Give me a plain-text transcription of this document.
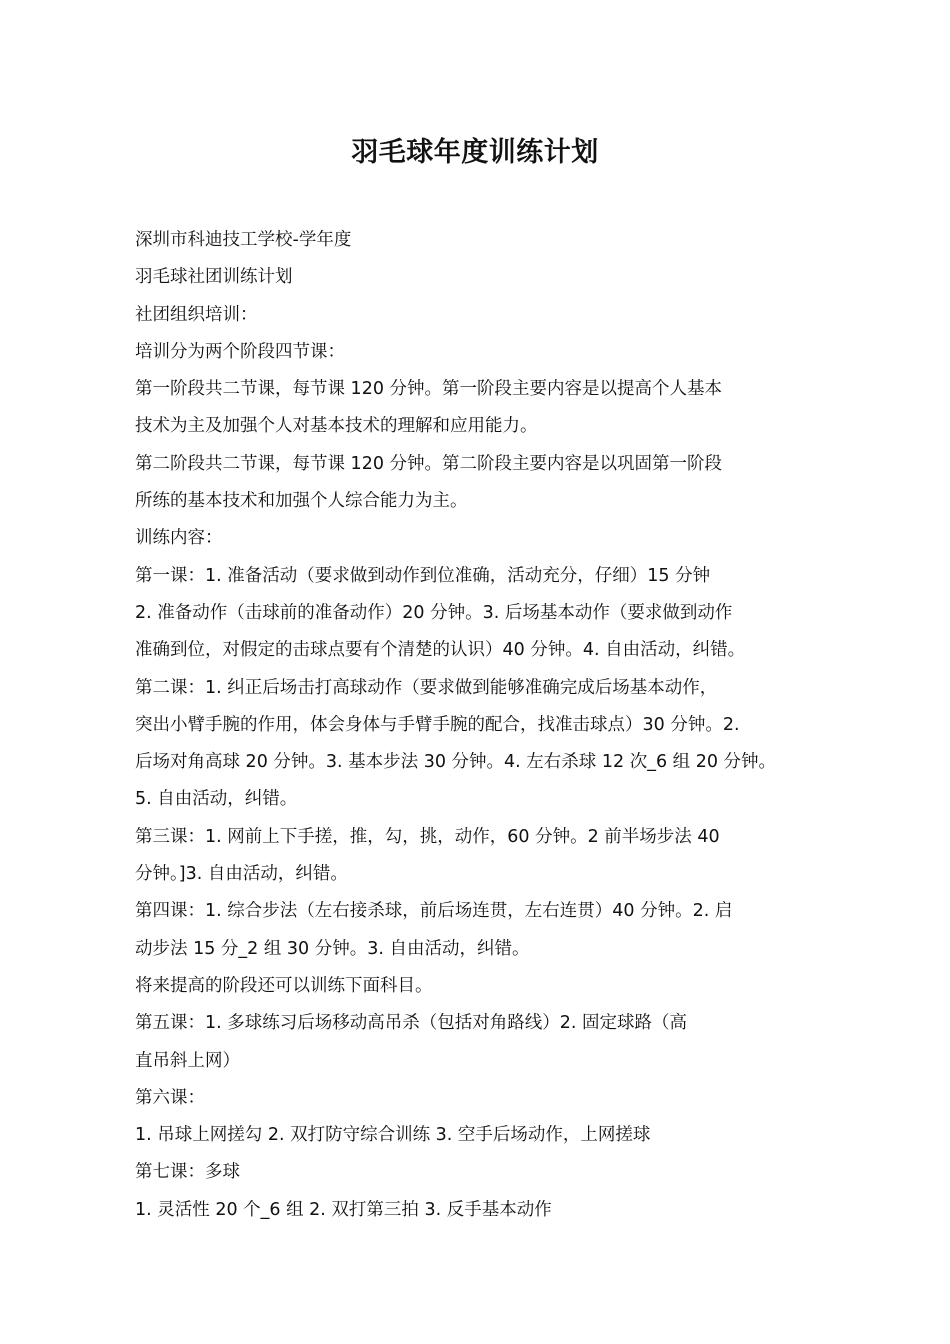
羽毛球年度训练计划
深圳市科迪技工学校-学年度
羽毛球社团训练计划
社团组织培训：
培训分为两个阶段四节课：
第一阶段共二节课，每节课 120 分钟。第一阶段主要内容是以提高个人基本
技术为主及加强个人对基本技术的理解和应用能力。
第二阶段共二节课，每节课 120 分钟。第二阶段主要内容是以巩固第一阶段
所练的基本技术和加强个人综合能力为主。
训练内容：
第一课：1. 准备活动（要求做到动作到位准确，活动充分，仔细）15 分钟
2. 准备动作（击球前的准备动作）20 分钟。3. 后场基本动作（要求做到动作
准确到位，对假定的击球点要有个清楚的认识）40 分钟。4. 自由活动，纠错。
第二课：1. 纠正后场击打高球动作（要求做到能够准确完成后场基本动作，
突出小臂手腕的作用，体会身体与手臂手腕的配合，找准击球点）30 分钟。2.
后场对角高球 20 分钟。3. 基本步法 30 分钟。4. 左右杀球 12 次_6 组 20 分钟。
5. 自由活动，纠错。
第三课：1. 网前上下手搓，推，勾，挑，动作，60 分钟。2 前半场步法 40
分钟。]3. 自由活动，纠错。
第四课：1. 综合步法（左右接杀球，前后场连贯，左右连贯）40 分钟。2. 启
动步法 15 分_2 组 30 分钟。3. 自由活动，纠错。
将来提高的阶段还可以训练下面科目。
第五课：1. 多球练习后场移动高吊杀（包括对角路线）2. 固定球路（高
直吊斜上网）
第六课：
1. 吊球上网搓勾 2. 双打防守综合训练 3. 空手后场动作，上网搓球
第七课：多球
1. 灵活性 20 个_6 组 2. 双打第三拍 3. 反手基本动作
